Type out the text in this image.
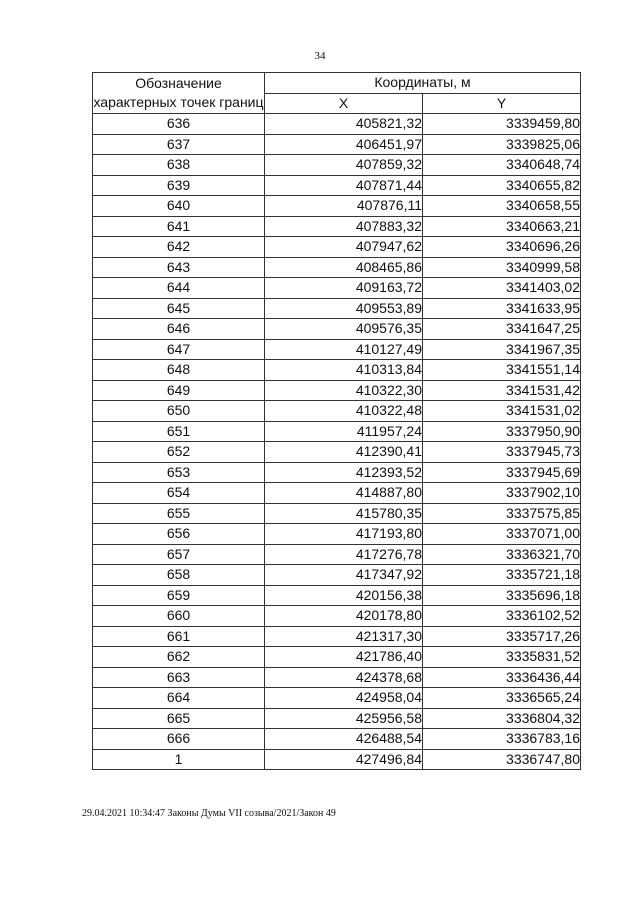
34
Обозначение характерных точек границ	Координаты, м	
	X	Y
636	405821,32	3339459,80
637	406451,97	3339825,06
638	407859,32	3340648,74
639	407871,44	3340655,82
640	407876,11	3340658,55
641	407883,32	3340663,21
642	407947,62	3340696,26
643	408465,86	3340999,58
644	409163,72	3341403,02
645	409553,89	3341633,95
646	409576,35	3341647,25
647	410127,49	3341967,35
648	410313,84	3341551,14
649	410322,30	3341531,42
650	410322,48	3341531,02
651	411957,24	3337950,90
652	412390,41	3337945,73
653	412393,52	3337945,69
654	414887,80	3337902,10
655	415780,35	3337575,85
656	417193,80	3337071,00
657	417276,78	3336321,70
658	417347,92	3335721,18
659	420156,38	3335696,18
660	420178,80	3336102,52
661	421317,30	3335717,26
662	421786,40	3335831,52
663	424378,68	3336436,44
664	424958,04	3336565,24
665	425956,58	3336804,32
666	426488,54	3336783,16
1	427496,84	3336747,80
29.04.2021 10:34:47 Законы Думы VII созыва/2021/Закон 49
